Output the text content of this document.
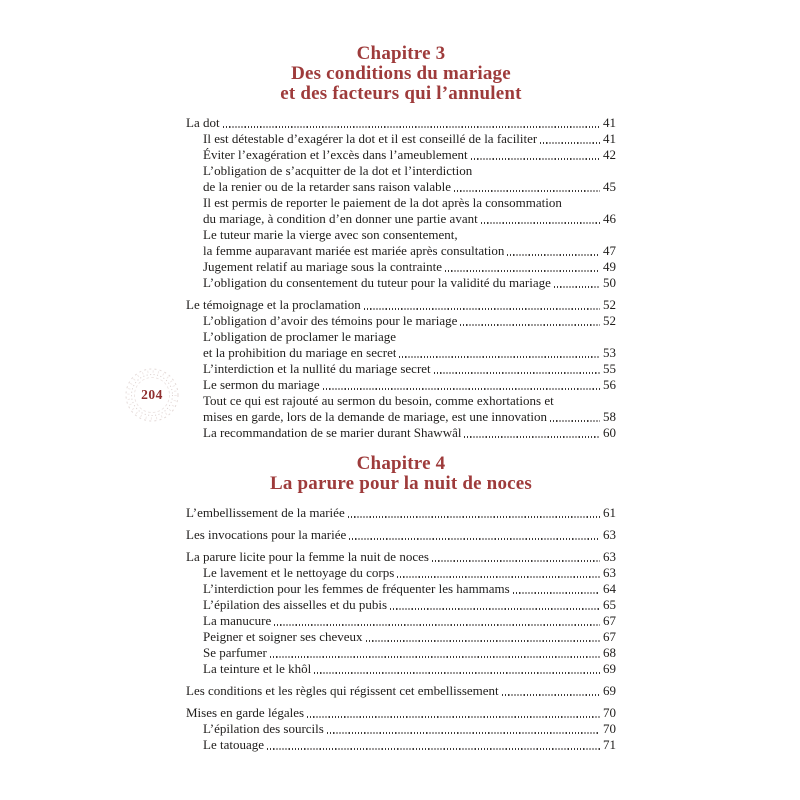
204
Chapitre 3
Des conditions du mariage
et des facteurs qui l’annulent
La dot	41
Il est détestable d’exagérer la dot et il est conseillé de la faciliter	41
Éviter l’exagération et l’excès dans l’ameublement	42
L’obligation de s’acquitter de la dot et l’interdiction
de la renier ou de la retarder sans raison valable	45
Il est permis de reporter le paiement de la dot après la consommation
du mariage, à condition d’en donner une partie avant	46
Le tuteur marie la vierge avec son consentement,
la femme auparavant mariée est mariée après consultation	47
Jugement relatif au mariage sous la contrainte	49
L’obligation du consentement du tuteur pour la validité du mariage	50
Le témoignage et la proclamation	52
L’obligation d’avoir des témoins pour le mariage	52
L’obligation de proclamer le mariage
et la prohibition du mariage en secret	53
L’interdiction et la nullité du mariage secret	55
Le sermon du mariage	56
Tout ce qui est rajouté au sermon du besoin, comme exhortations et
mises en garde, lors de la demande de mariage, est une innovation	58
La recommandation de se marier durant Shawwâl	60
Chapitre 4
La parure pour la nuit de noces
L’embellissement de la mariée	61
Les invocations pour la mariée	63
La parure licite pour la femme la nuit de noces	63
Le lavement et le nettoyage du corps	63
L’interdiction pour les femmes de fréquenter les hammams	64
L’épilation des aisselles et du pubis	65
La manucure	67
Peigner et soigner ses cheveux	67
Se parfumer	68
La teinture et le khôl	69
Les conditions et les règles qui régissent cet embellissement	69
Mises en garde légales	70
L’épilation des sourcils	70
Le tatouage	71
